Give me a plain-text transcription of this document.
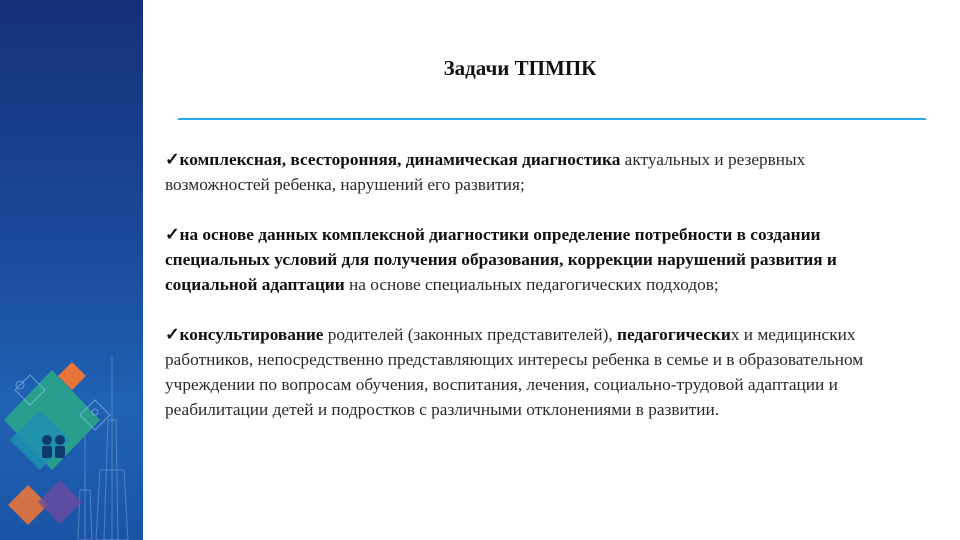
Задачи ТПМПК

✓комплексная, всесторонняя, динамическая диагностика актуальных и резервных возможностей ребенка, нарушений его развития;

✓на основе данных комплексной диагностики определение потребности в создании специальных условий для получения образования, коррекции нарушений развития и социальной адаптации на основе специальных педагогических подходов;

✓консультирование родителей (законных представителей), педагогических и медицинских работников, непосредственно представляющих интересы ребенка в семье и в образовательном учреждении по вопросам обучения, воспитания, лечения, социально-трудовой адаптации и реабилитации детей и подростков с различными отклонениями в развитии.
